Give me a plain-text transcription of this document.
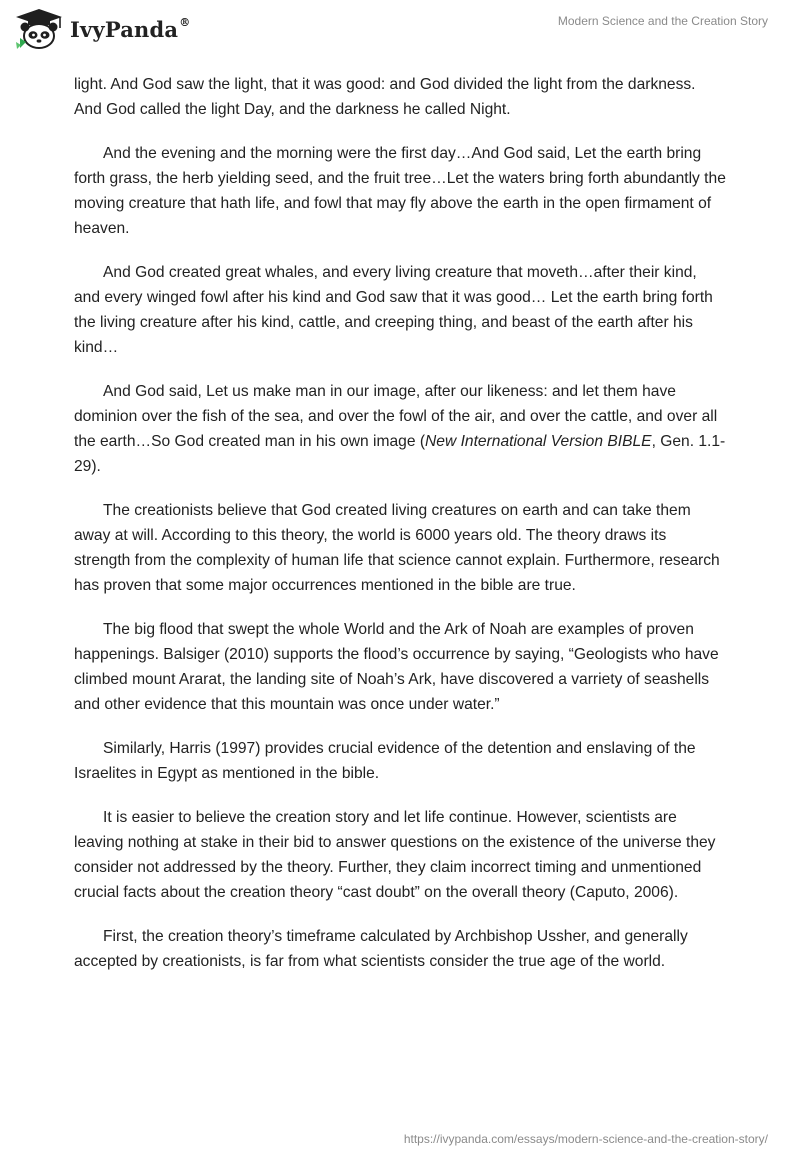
IvyPanda®	Modern Science and the Creation Story

light. And God saw the light, that it was good: and God divided the light from the darkness. And God called the light Day, and the darkness he called Night.

And the evening and the morning were the first day…And God said, Let the earth bring forth grass, the herb yielding seed, and the fruit tree…Let the waters bring forth abundantly the moving creature that hath life, and fowl that may fly above the earth in the open firmament of heaven.

And God created great whales, and every living creature that moveth…after their kind, and every winged fowl after his kind and God saw that it was good… Let the earth bring forth the living creature after his kind, cattle, and creeping thing, and beast of the earth after his kind…

And God said, Let us make man in our image, after our likeness: and let them have dominion over the fish of the sea, and over the fowl of the air, and over the cattle, and over all the earth…So God created man in his own image (New International Version BIBLE, Gen. 1.1-29).

The creationists believe that God created living creatures on earth and can take them away at will. According to this theory, the world is 6000 years old. The theory draws its strength from the complexity of human life that science cannot explain. Furthermore, research has proven that some major occurrences mentioned in the bible are true.

The big flood that swept the whole World and the Ark of Noah are examples of proven happenings. Balsiger (2010) supports the flood’s occurrence by saying, “Geologists who have climbed mount Ararat, the landing site of Noah’s Ark, have discovered a varriety of seashells and other evidence that this mountain was once under water.”

Similarly, Harris (1997) provides crucial evidence of the detention and enslaving of the Israelites in Egypt as mentioned in the bible.

It is easier to believe the creation story and let life continue. However, scientists are leaving nothing at stake in their bid to answer questions on the existence of the universe they consider not addressed by the theory. Further, they claim incorrect timing and unmentioned crucial facts about the creation theory “cast doubt” on the overall theory (Caputo, 2006).

First, the creation theory’s timeframe calculated by Archbishop Ussher, and generally accepted by creationists, is far from what scientists consider the true age of the world.

https://ivypanda.com/essays/modern-science-and-the-creation-story/
